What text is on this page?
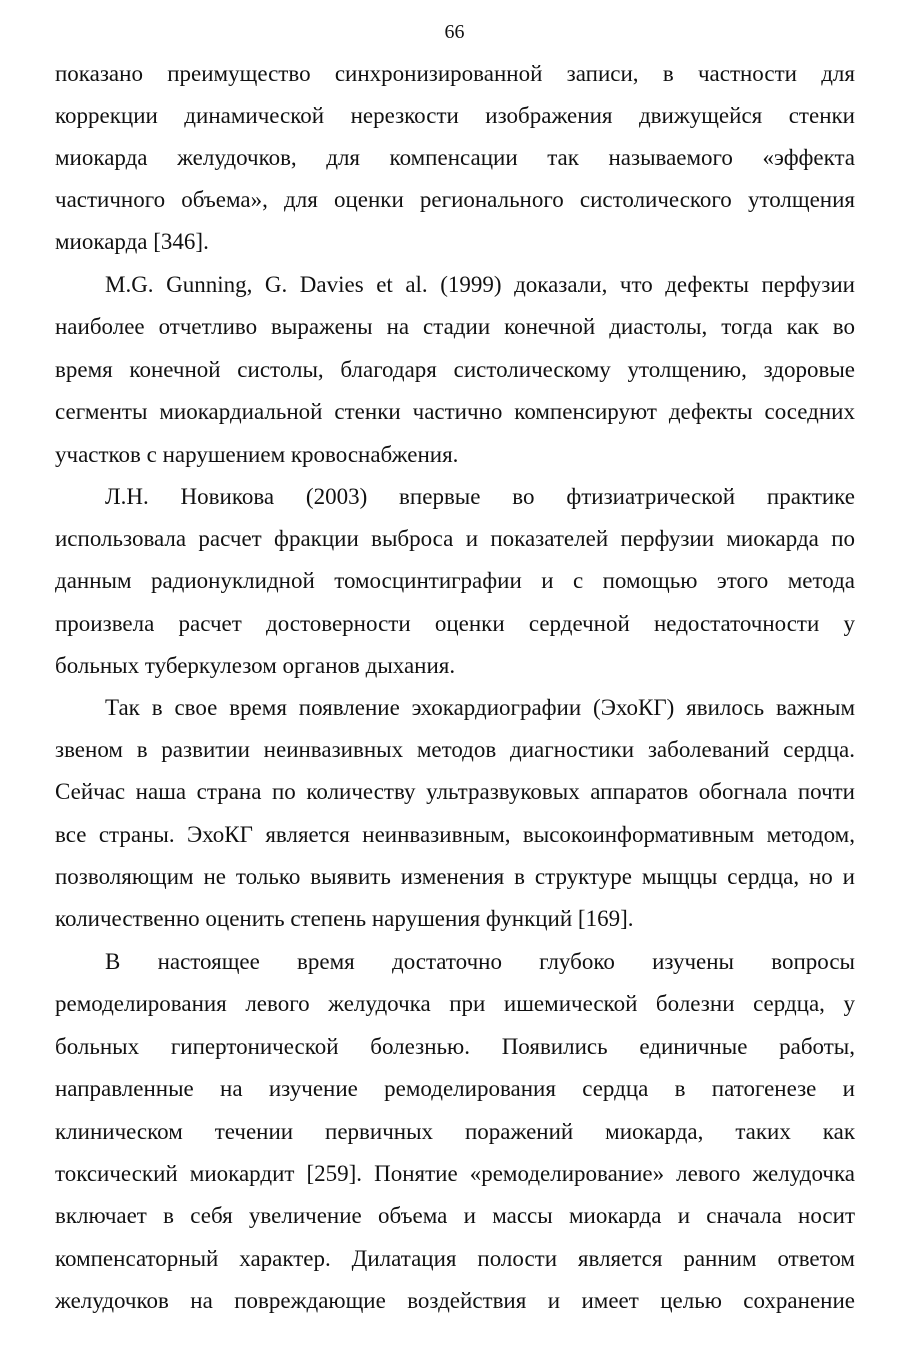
66
показано преимущество синхронизированной записи, в частности для
коррекции динамической нерезкости изображения движущейся стенки
миокарда желудочков, для компенсации так называемого «эффекта
частичного объема», для оценки регионального систолического утолщения
миокарда [346].
M.G. Gunning, G. Davies et al. (1999) доказали, что дефекты перфузии
наиболее отчетливо выражены на стадии конечной диастолы, тогда как во
время конечной систолы, благодаря систолическому утолщению, здоровые
сегменты миокардиальной стенки частично компенсируют дефекты соседних
участков с нарушением кровоснабжения.
Л.Н. Новикова (2003) впервые во фтизиатрической практике
использовала расчет фракции выброса и показателей перфузии миокарда по
данным радионуклидной томосцинтиграфии и с помощью этого метода
произвела расчет достоверности оценки сердечной недостаточности у
больных туберкулезом органов дыхания.
Так в свое время появление эхокардиографии (ЭхоКГ) явилось важным
звеном в развитии неинвазивных методов диагностики заболеваний сердца.
Сейчас наша страна по количеству ультразвуковых аппаратов обогнала почти
все страны. ЭхоКГ является неинвазивным, высокоинформативным методом,
позволяющим не только выявить изменения в структуре мыщцы сердца, но и
количественно оценить степень нарушения функций [169].
В настоящее время достаточно глубоко изучены вопросы
ремоделирования левого желудочка при ишемической болезни сердца, у
больных гипертонической болезнью. Появились единичные работы,
направленные на изучение ремоделирования сердца в патогенезе и
клиническом течении первичных поражений миокарда, таких как
токсический миокардит [259]. Понятие «ремоделирование» левого желудочка
включает в себя увеличение объема и массы миокарда и сначала носит
компенсаторный характер. Дилатация полости является ранним ответом
желудочков на повреждающие воздействия и имеет целью сохранение
